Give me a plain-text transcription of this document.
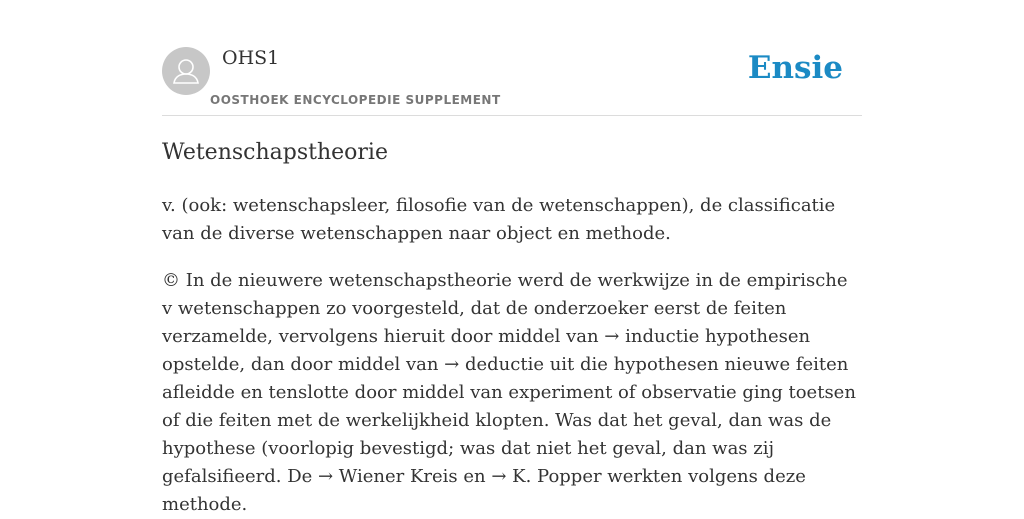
OHS1
OOSTHOEK ENCYCLOPEDIE SUPPLEMENT
Ensie
Wetenschapstheorie

v. (ook: wetenschapsleer, filosofie van de wetenschappen), de classificatie van de diverse wetenschappen naar object en methode.

© In de nieuwere wetenschapstheorie werd de werkwijze in de empirische v wetenschappen zo voorgesteld, dat de onderzoeker eerst de feiten verzamelde, vervolgens hieruit door middel van → inductie hypothesen opstelde, dan door middel van → deductie uit die hypothesen nieuwe feiten afleidde en tenslotte door middel van experiment of observatie ging toetsen of die feiten met de werkelijkheid klopten. Was dat het geval, dan was de hypothese (voorlopig bevestigd; was dat niet het geval, dan was zij gefalsifieerd. De → Wiener Kreis en → K. Popper werkten volgens deze methode.
